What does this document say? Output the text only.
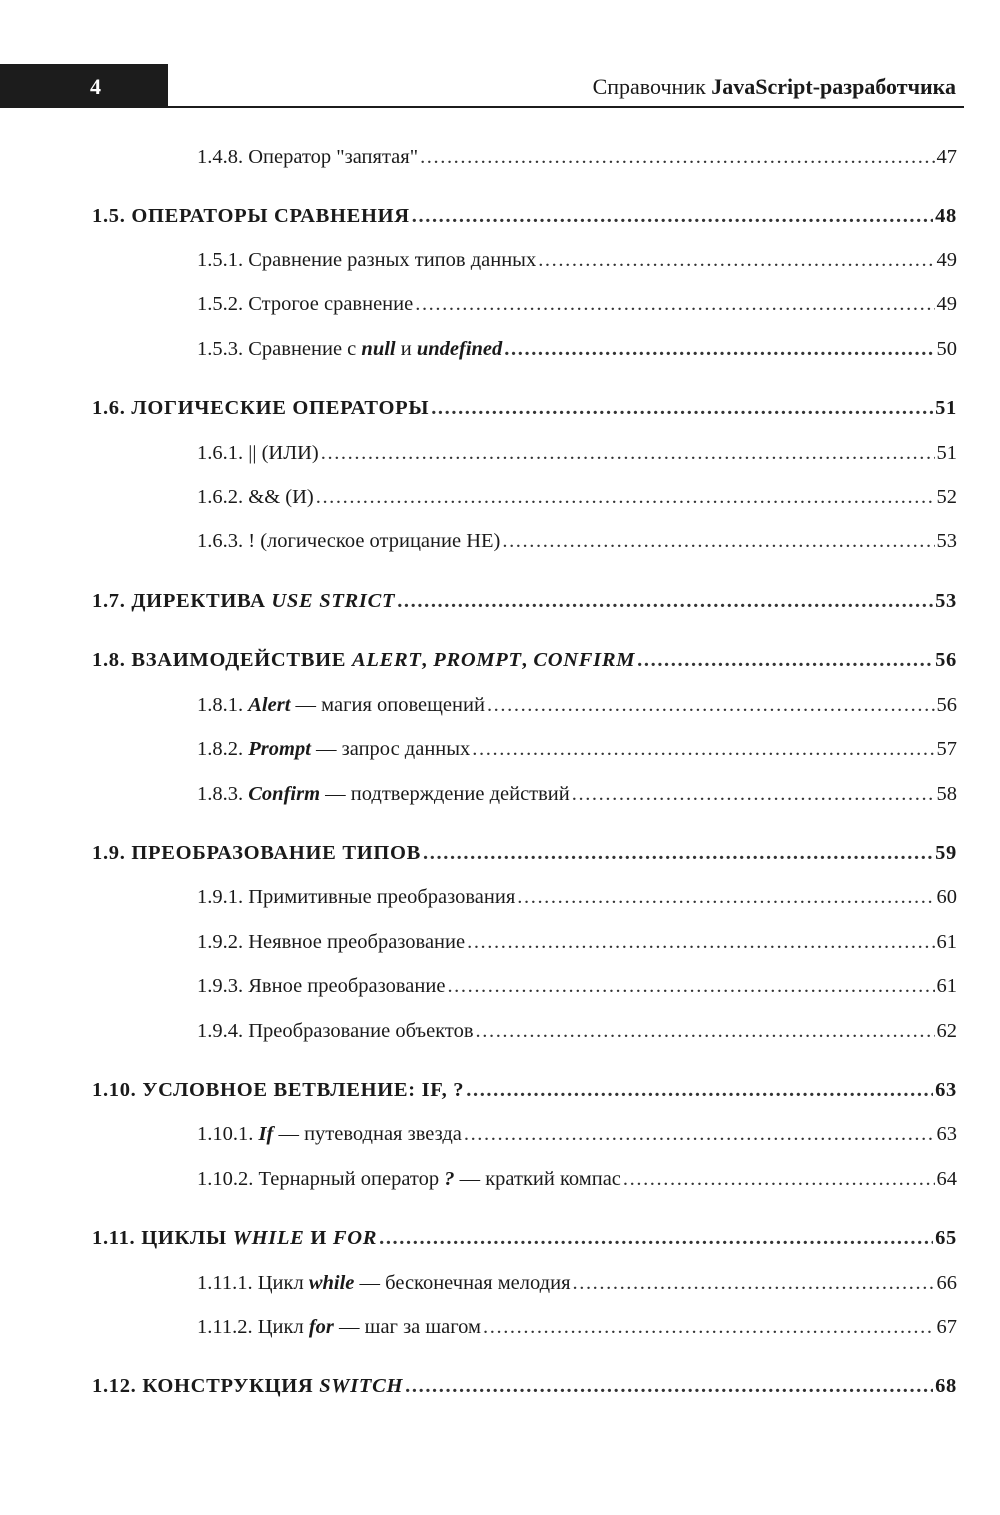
4	Справочник JavaScript-разработчика
1.4.8. Оператор "запятая" .....	47
1.5. ОПЕРАТОРЫ СРАВНЕНИЯ .....	48
1.5.1. Сравнение разных типов данных .....	49
1.5.2. Строгое сравнение .....	49
1.5.3. Сравнение с null и undefined .....	50
1.6. ЛОГИЧЕСКИЕ ОПЕРАТОРЫ .....	51
1.6.1. || (ИЛИ) .....	51
1.6.2. && (И) .....	52
1.6.3. ! (логическое отрицание НЕ) .....	53
1.7. ДИРЕКТИВА USE STRICT .....	53
1.8. ВЗАИМОДЕЙСТВИЕ ALERT, PROMPT, CONFIRM .....	56
1.8.1. Alert — магия оповещений .....	56
1.8.2. Prompt — запрос данных .....	57
1.8.3. Confirm — подтверждение действий .....	58
1.9. ПРЕОБРАЗОВАНИЕ ТИПОВ .....	59
1.9.1. Примитивные преобразования .....	60
1.9.2. Неявное преобразование .....	61
1.9.3. Явное преобразование .....	61
1.9.4. Преобразование объектов .....	62
1.10. УСЛОВНОЕ ВЕТВЛЕНИЕ: IF, ? .....	63
1.10.1. If — путеводная звезда .....	63
1.10.2. Тернарный оператор ? — краткий компас .....	64
1.11. ЦИКЛЫ WHILE И FOR .....	65
1.11.1. Цикл while — бесконечная мелодия .....	66
1.11.2. Цикл for — шаг за шагом .....	67
1.12. КОНСТРУКЦИЯ SWITCH .....	68
